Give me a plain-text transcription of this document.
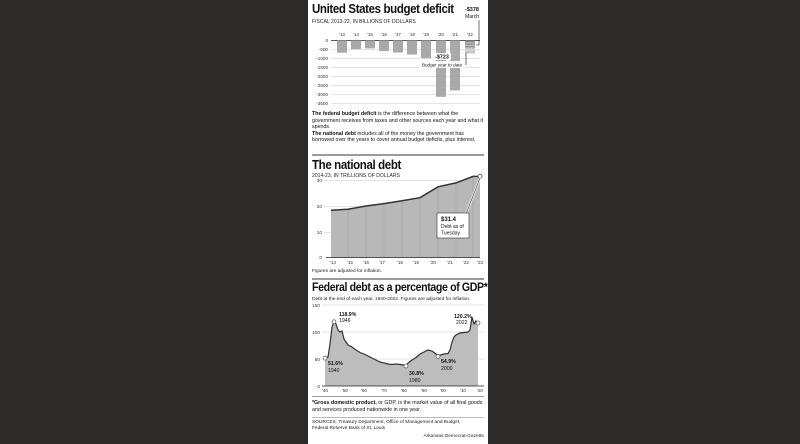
United States budget deficit
FISCAL 2013-22, IN BILLIONS OF DOLLARS
-$378
March
'13 '14 '15 '16 '17 '18 '19 '20 '21 '22
0
-500
-1000
-1500
-2000
-2500
-3000
-3500
-$723
Budget year to date
The federal budget deficit is the difference between what the government receives from taxes and other sources each year and what it spends.
The national debt includes all of the money the government has borrowed over the years to cover annual budget deficits, plus interest.
The national debt
2014-23, IN TRILLIONS OF DOLLARS
30
20
10
0
$31.4
Debt as of
Tuesday
'14 '15 '16 '17	'18 '19 '20 '21 '22 '23
Figures are adjusted for inflation.
Federal debt as a percentage of GDP*
Debt at the end of each year, 1940-2022. Figures are adjusted for inflation.
150
100
50
0
118.9%
1946
51.6%
1940	30.8%
1980
54.9%
2000
120.2%
2022
'40	'50	'60	'70	'80	'90	'00	'10 '20
*Gross domestic product, or GDP, is the market value of all final goods and services produced nationwide in one year.
SOURCES: Treasury Department, Office of Management and Budget,
Federal Reserve Bank of St. Louis
Arkansas Democrat-Gazette
